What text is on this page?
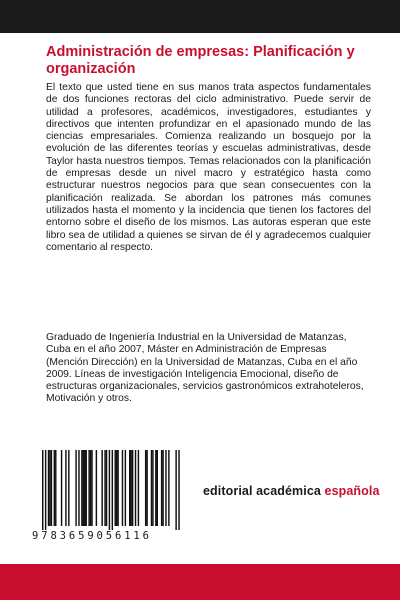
Administración de empresas: Planificación y organización

El texto que usted tiene en sus manos trata aspectos fundamentales de dos funciones rectoras del ciclo administrativo. Puede servir de utilidad a profesores, académicos, investigadores, estudiantes y directivos que intenten profundizar en el apasionado mundo de las ciencias empresariales. Comienza realizando un bosquejo por la evolución de las diferentes teorías y escuelas administrativas, desde Taylor hasta nuestros tiempos. Temas relacionados con la planificación de empresas desde un nivel macro y estratégico hasta como estructurar nuestros negocios para que sean consecuentes con la planificación realizada. Se abordan los patrones más comunes utilizados hasta el momento y la incidencia que tienen los factores del entorno sobre el diseño de los mismos. Las autoras esperan que este libro sea de utilidad a quienes se sirvan de él y agradecemos cualquier comentario al respecto.

Graduado de Ingeniería Industrial en la Universidad de Matanzas, Cuba en el año 2007, Máster en Administración de Empresas (Mención Dirección) en la Universidad de Matanzas, Cuba en el año 2009. Líneas de investigación Inteligencia Emocional, diseño de estructuras organizacionales, servicios gastronómicos extrahoteleros, Motivación y otros.

9783659056116
editorial académica española
